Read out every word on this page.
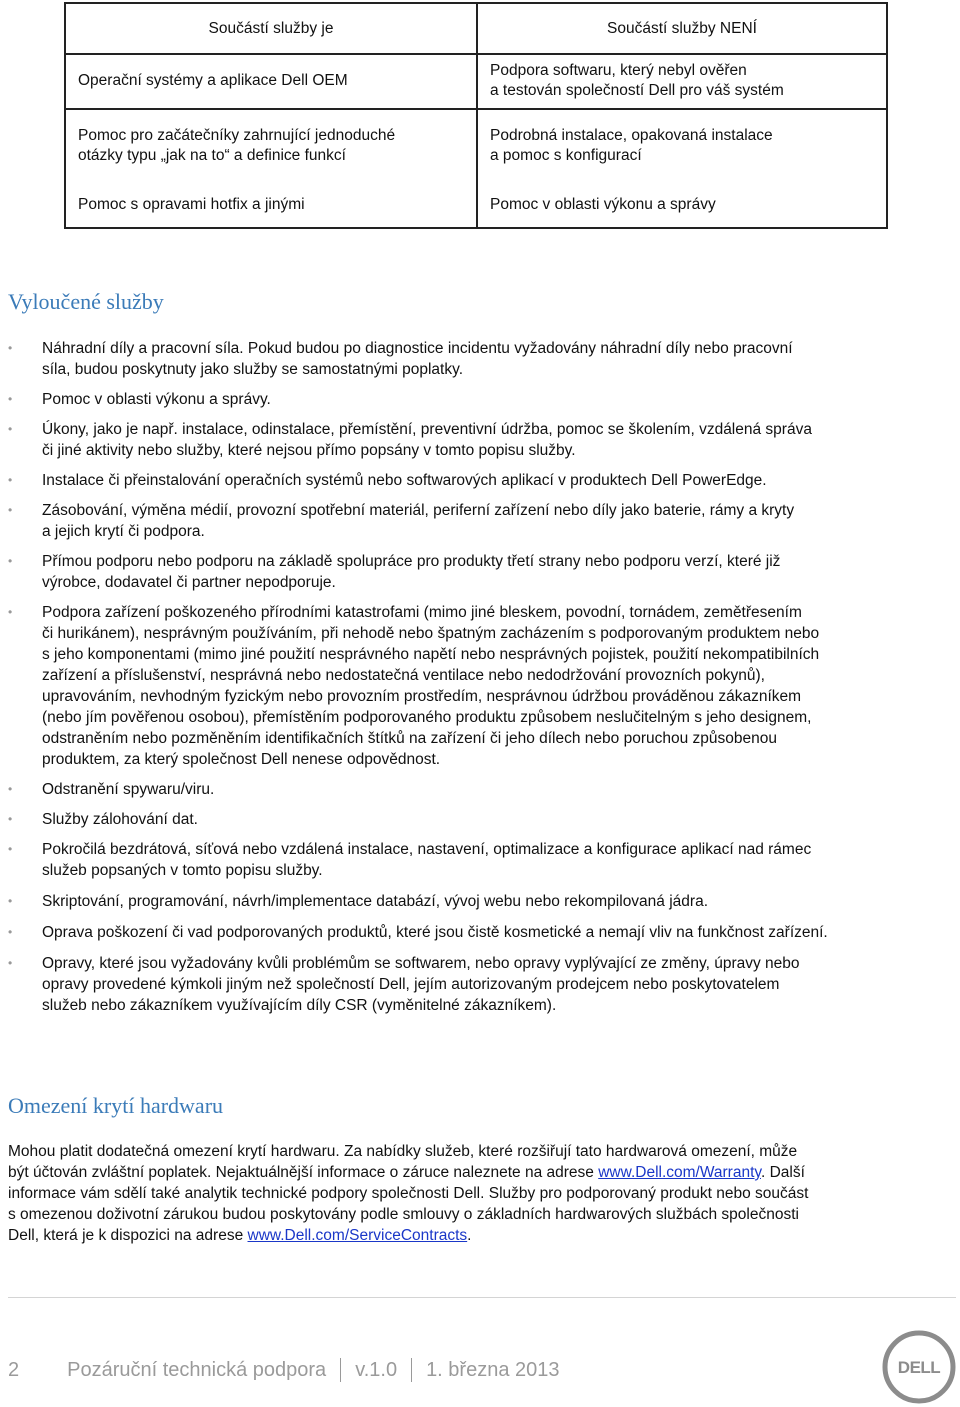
Součástí služby je	Součástí služby NENÍ
Operační systémy a aplikace Dell OEM	Podpora softwaru, který nebyl ověřen
a testován společností Dell pro váš systém

Pomoc pro začátečníky zahrnující jednoduché
otázky typu „jak na to“ a definice funkcí	Podrobná instalace, opakovaná instalace
a pomoc s konfigurací

Pomoc s opravami hotfix a jinými	Pomoc v oblasti výkonu a správy
Vyloučené služby
• Náhradní díly a pracovní síla. Pokud budou po diagnostice incidentu vyžadovány náhradní díly nebo pracovní
síla, budou poskytnuty jako služby se samostatnými poplatky.
• Pomoc v oblasti výkonu a správy.
• Úkony, jako je např. instalace, odinstalace, přemístění, preventivní údržba, pomoc se školením, vzdálená správa
či jiné aktivity nebo služby, které nejsou přímo popsány v tomto popisu služby.
• Instalace či přeinstalování operačních systémů nebo softwarových aplikací v produktech Dell PowerEdge.
• Zásobování, výměna médií, provozní spotřební materiál, periferní zařízení nebo díly jako baterie, rámy a kryty
a jejich krytí či podpora.
• Přímou podporu nebo podporu na základě spolupráce pro produkty třetí strany nebo podporu verzí, které již
výrobce, dodavatel či partner nepodporuje.
• Podpora zařízení poškozeného přírodními katastrofami (mimo jiné bleskem, povodní, tornádem, zemětřesením
či hurikánem), nesprávným používáním, při nehodě nebo špatným zacházením s podporovaným produktem nebo
s jeho komponentami (mimo jiné použití nesprávného napětí nebo nesprávných pojistek, použití nekompatibilních
zařízení a příslušenství, nesprávná nebo nedostatečná ventilace nebo nedodržování provozních pokynů),
upravováním, nevhodným fyzickým nebo provozním prostředím, nesprávnou údržbou prováděnou zákazníkem
(nebo jím pověřenou osobou), přemístěním podporovaného produktu způsobem neslučitelným s jeho designem,
odstraněním nebo pozměněním identifikačních štítků na zařízení či jeho dílech nebo poruchou způsobenou
produktem, za který společnost Dell nenese odpovědnost.
• Odstranění spywaru/viru.
• Služby zálohování dat.
• Pokročilá bezdrátová, síťová nebo vzdálená instalace, nastavení, optimalizace a konfigurace aplikací nad rámec
služeb popsaných v tomto popisu služby.
• Skriptování, programování, návrh/implementace databází, vývoj webu nebo rekompilovaná jádra.
• Oprava poškození či vad podporovaných produktů, které jsou čistě kosmetické a nemají vliv na funkčnost zařízení.
• Opravy, které jsou vyžadovány kvůli problémům se softwarem, nebo opravy vyplývající ze změny, úpravy nebo
opravy provedené kýmkoli jiným než společností Dell, jejím autorizovaným prodejcem nebo poskytovatelem
služeb nebo zákazníkem využívajícím díly CSR (vyměnitelné zákazníkem).
Omezení krytí hardwaru

Mohou platit dodatečná omezení krytí hardwaru. Za nabídky služeb, které rozšiřují tato hardwarová omezení, může
být účtován zvláštní poplatek. Nejaktuálnější informace o záruce naleznete na adrese www.Dell.com/Warranty. Další
informace vám sdělí také analytik technické podpory společnosti Dell. Služby pro podporovaný produkt nebo součást
s omezenou doživotní zárukou budou poskytovány podle smlouvy o základních hardwarových službách společnosti
Dell, která je k dispozici na adrese www.Dell.com/ServiceContracts.

2 Pozáruční technická podpora v.1.0 1. března 2013	DELL
